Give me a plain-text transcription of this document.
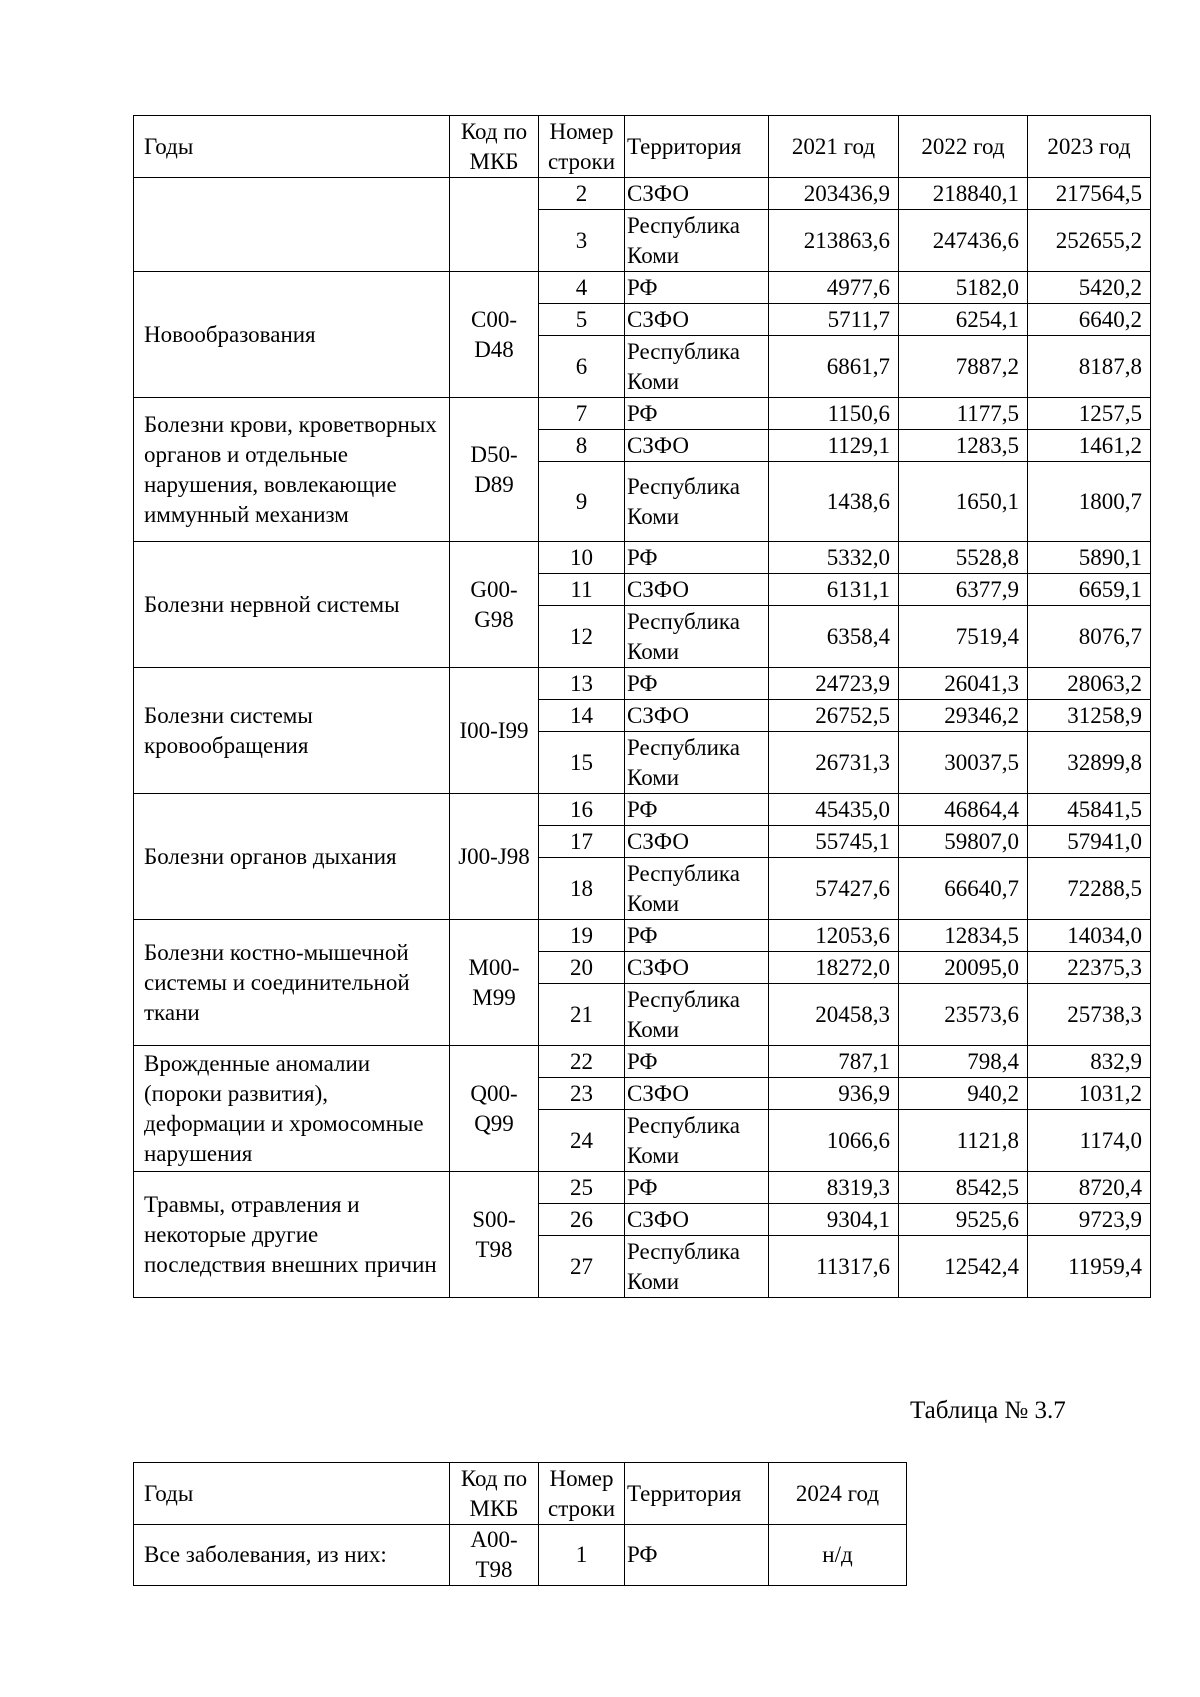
Годы	Код по МКБ	Номер строки	Территория	2021 год	2022 год	2023 год
		2	СЗФО	203436,9	218840,1	217564,5
		3	Республика Коми	213863,6	247436,6	252655,2
Новообразования	C00-D48	4	РФ	4977,6	5182,0	5420,2
		5	СЗФО	5711,7	6254,1	6640,2
		6	Республика Коми	6861,7	7887,2	8187,8
Болезни крови, кроветворных органов и отдельные нарушения, вовлекающие иммунный механизм	D50-D89	7	РФ	1150,6	1177,5	1257,5
		8	СЗФО	1129,1	1283,5	1461,2
		9	Республика Коми	1438,6	1650,1	1800,7
Болезни нервной системы	G00-G98	10	РФ	5332,0	5528,8	5890,1
		11	СЗФО	6131,1	6377,9	6659,1
		12	Республика Коми	6358,4	7519,4	8076,7
Болезни системы кровообращения	I00-I99	13	РФ	24723,9	26041,3	28063,2
		14	СЗФО	26752,5	29346,2	31258,9
		15	Республика Коми	26731,3	30037,5	32899,8
Болезни органов дыхания	J00-J98	16	РФ	45435,0	46864,4	45841,5
		17	СЗФО	55745,1	59807,0	57941,0
		18	Республика Коми	57427,6	66640,7	72288,5
Болезни костно-мышечной системы и соединительной ткани	M00-M99	19	РФ	12053,6	12834,5	14034,0
		20	СЗФО	18272,0	20095,0	22375,3
		21	Республика Коми	20458,3	23573,6	25738,3
Врожденные аномалии (пороки развития), деформации и хромосомные нарушения	Q00-Q99	22	РФ	787,1	798,4	832,9
		23	СЗФО	936,9	940,2	1031,2
		24	Республика Коми	1066,6	1121,8	1174,0
Травмы, отравления и некоторые другие последствия внешних причин	S00-T98	25	РФ	8319,3	8542,5	8720,4
		26	СЗФО	9304,1	9525,6	9723,9
		27	Республика Коми	11317,6	12542,4	11959,4
Таблица № 3.7
Годы	Код по МКБ	Номер строки	Территория	2024 год
Все заболевания, из них:	A00-T98	1	РФ	н/д
